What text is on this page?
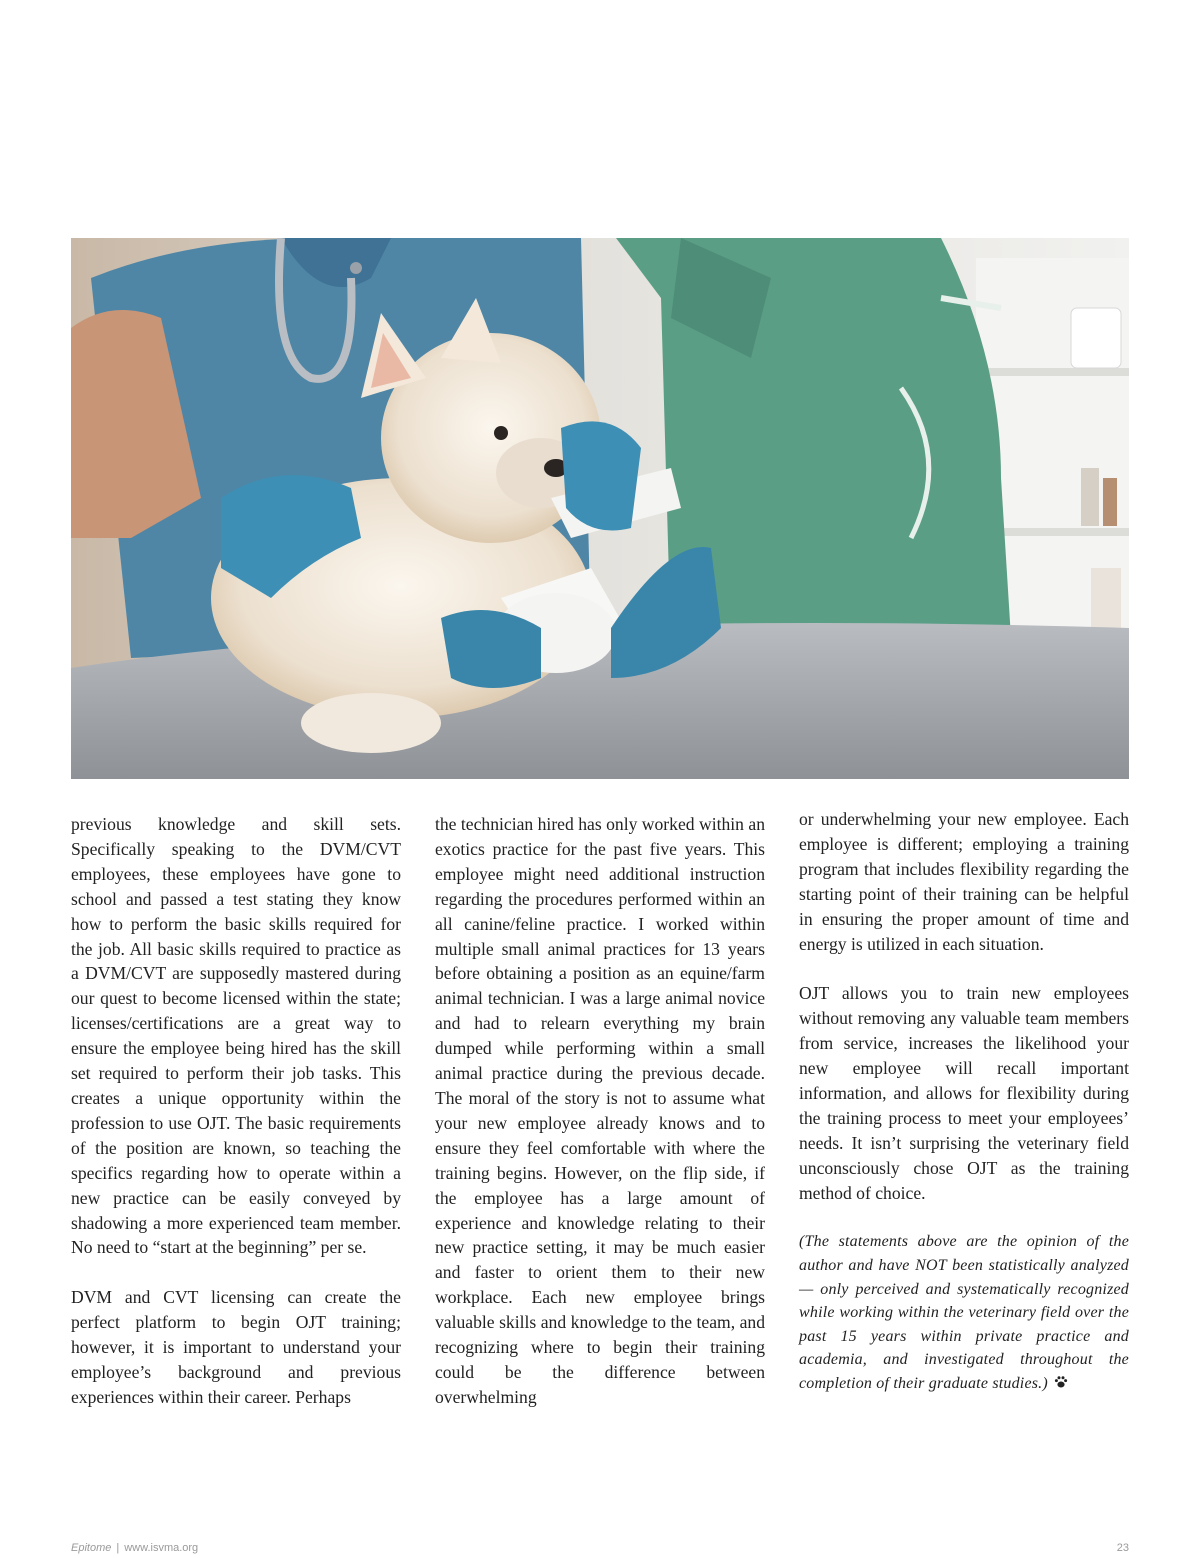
previous knowledge and skill sets. Specifically speaking to the DVM/CVT employees, these employees have gone to school and passed a test stating they know how to perform the basic skills required for the job. All basic skills required to practice as a DVM/CVT are supposedly mastered during our quest to become licensed within the state; licenses/certifications are a great way to ensure the employee being hired has the skill set required to perform their job tasks. This creates a unique opportunity within the profession to use OJT. The basic requirements of the position are known, so teaching the specifics regarding how to operate within a new practice can be easily conveyed by shadowing a more experienced team member. No need to “start at the beginning” per se.

DVM and CVT licensing can create the perfect platform to begin OJT training; however, it is important to understand your employee’s background and previous experiences within their career. Perhaps

the technician hired has only worked within an exotics practice for the past five years. This employee might need additional instruction regarding the procedures performed within an all canine/feline practice. I worked within multiple small animal practices for 13 years before obtaining a position as an equine/farm animal technician. I was a large animal novice and had to relearn everything my brain dumped while performing within a small animal practice during the previous decade. The moral of the story is not to assume what your new employee already knows and to ensure they feel comfortable with where the training begins. However, on the flip side, if the employee has a large amount of experience and knowledge relating to their new practice setting, it may be much easier and faster to orient them to their new workplace. Each new employee brings valuable skills and knowledge to the team, and recognizing where to begin their training could be the difference between overwhelming

or underwhelming your new employee. Each employee is different; employing a training program that includes flexibility regarding the starting point of their training can be helpful in ensuring the proper amount of time and energy is utilized in each situation.

OJT allows you to train new employees without removing any valuable team members from service, increases the likelihood your new employee will recall important information, and allows for flexibility during the training process to meet your employees’ needs. It isn’t surprising the veterinary field unconsciously chose OJT as the training method of choice.

(The statements above are the opinion of the author and have NOT been statistically analyzed — only perceived and systematically recognized while working within the veterinary field over the past 15 years within private practice and academia, and investigated throughout the completion of their graduate studies.)

Epitome | www.isvma.org	23
